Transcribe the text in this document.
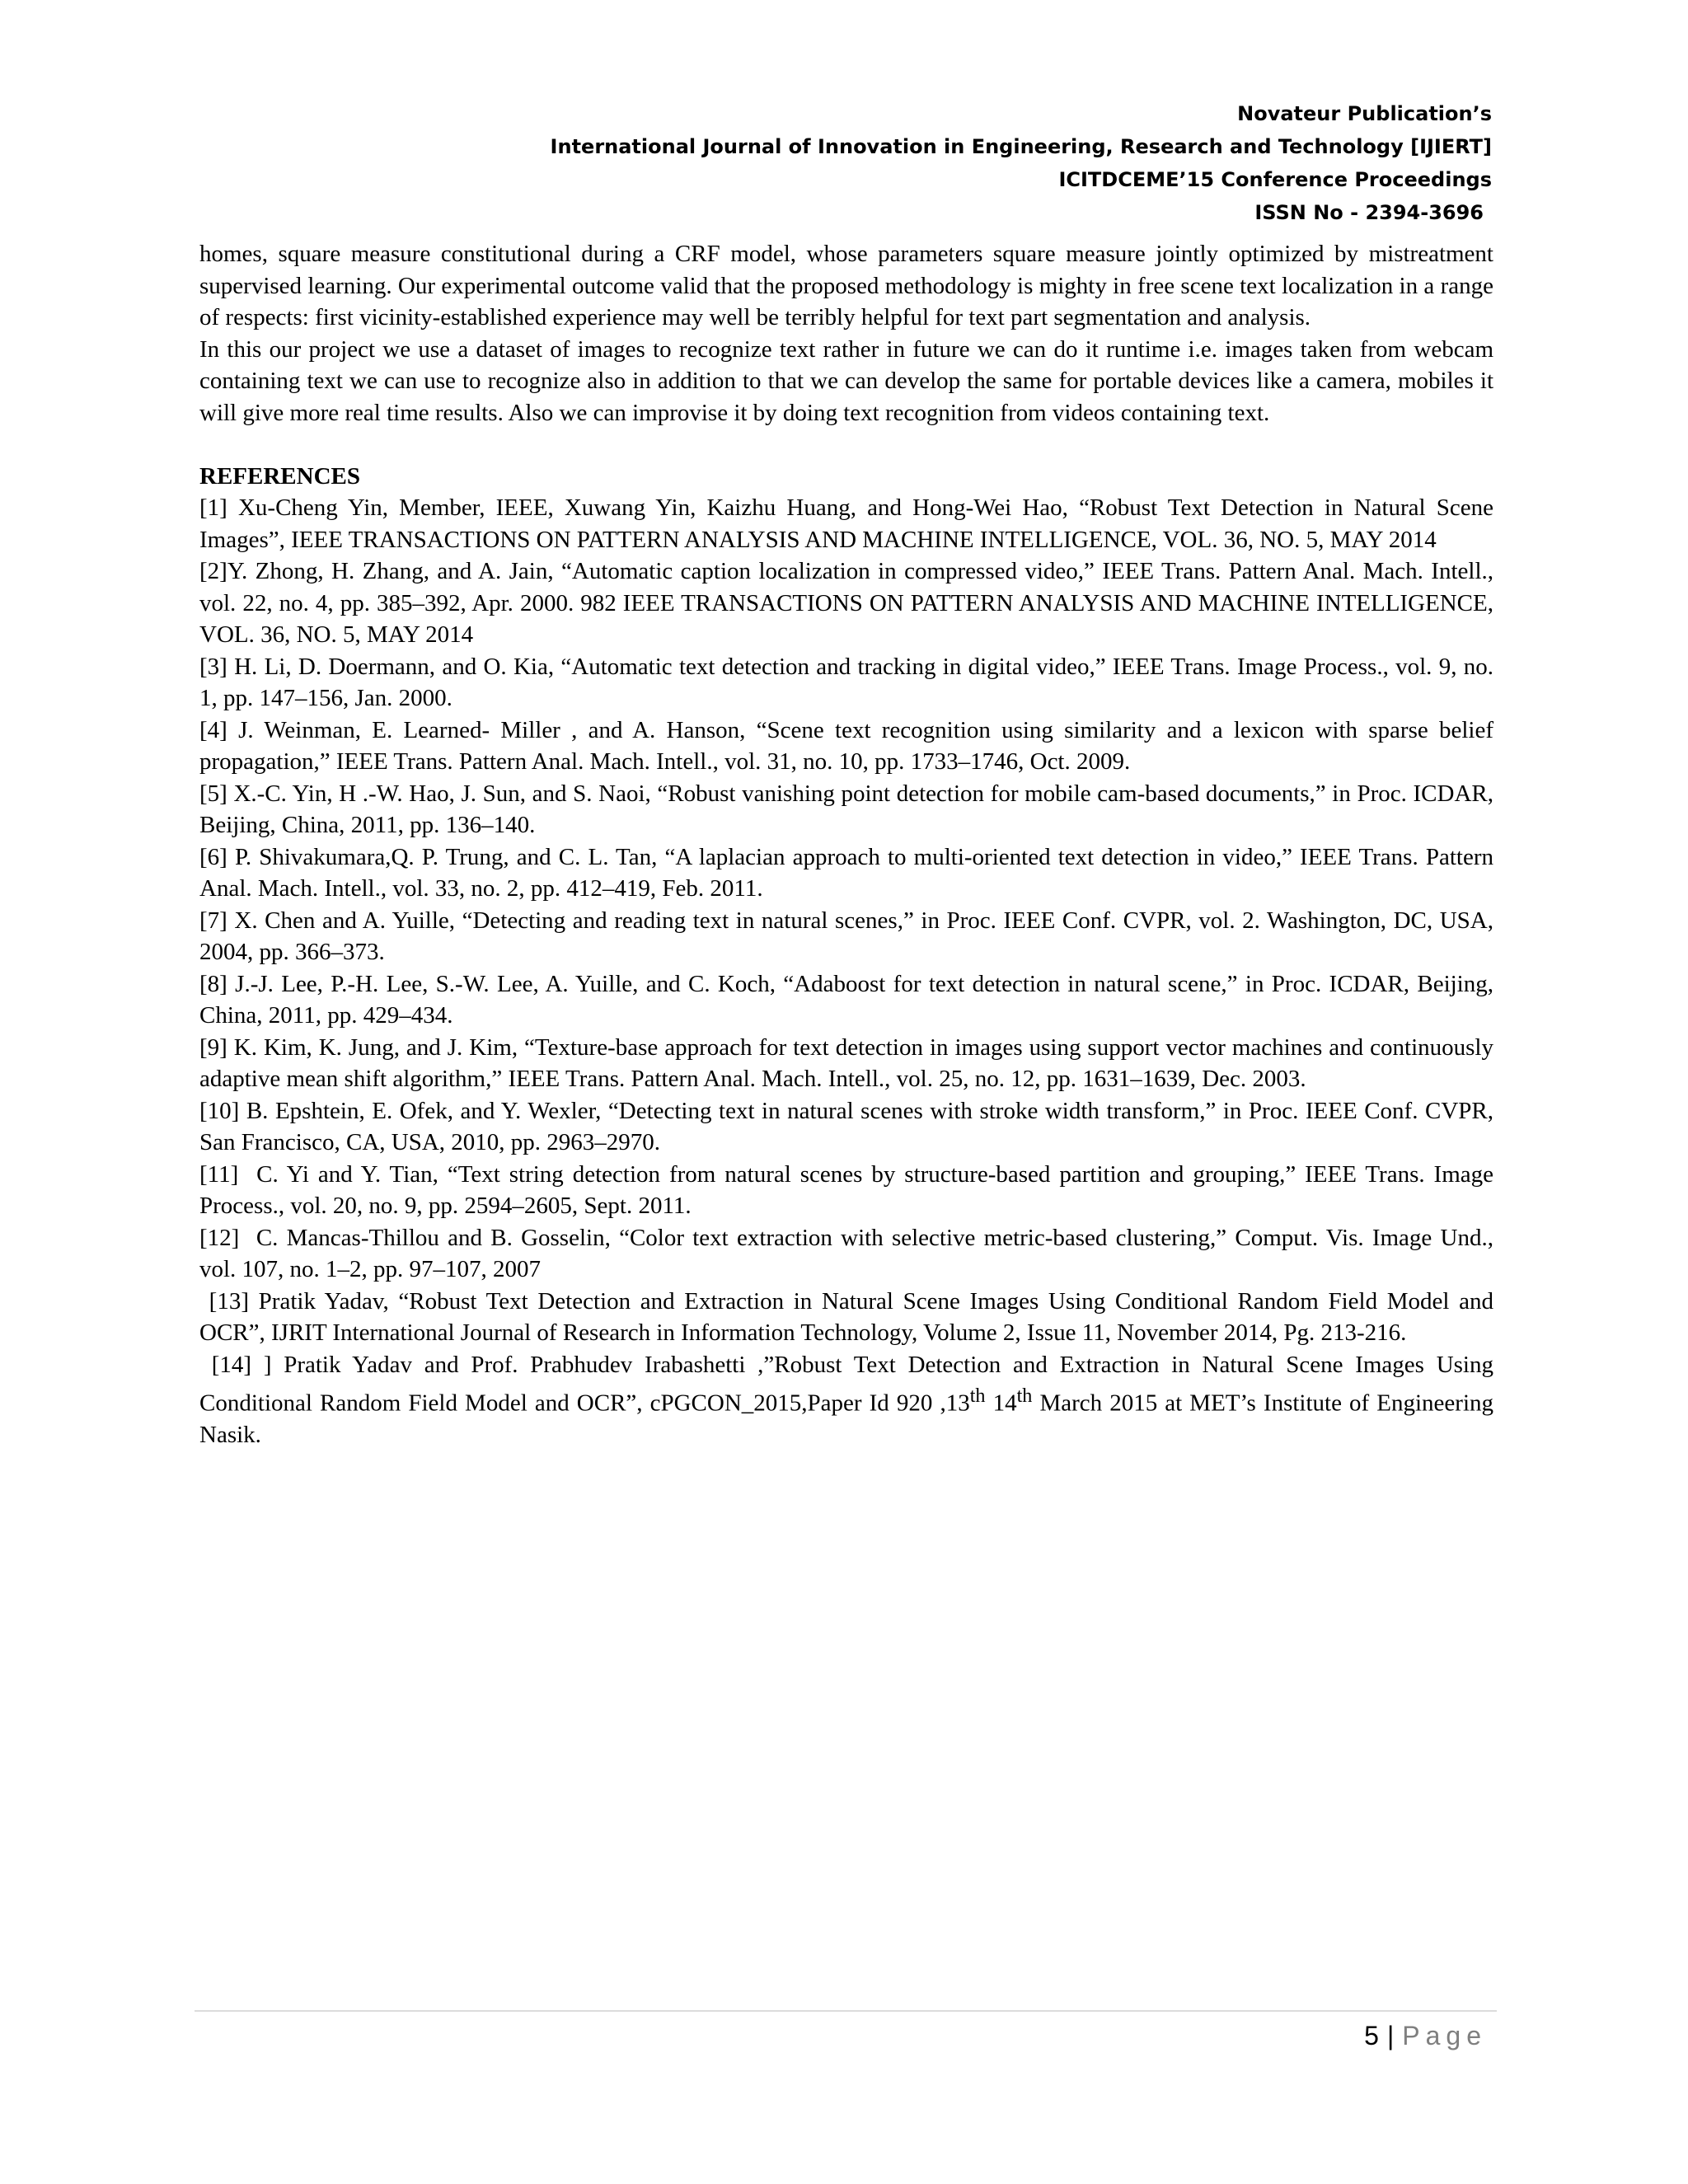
Novateur Publication’s
International Journal of Innovation in Engineering, Research and Technology [IJIERT]
ICITDCEME’15 Conference Proceedings
ISSN No - 2394-3696

homes, square measure constitutional during a CRF model, whose parameters square measure jointly optimized by mistreatment supervised learning. Our experimental outcome valid that the proposed methodology is mighty in free scene text localization in a range of respects: first vicinity-established experience may well be terribly helpful for text part segmentation and analysis.

In this our project we use a dataset of images to recognize text rather in future we can do it runtime i.e. images taken from webcam containing text we can use to recognize also in addition to that we can develop the same for portable devices like a camera, mobiles it will give more real time results. Also we can improvise it by doing text recognition from videos containing text.

REFERENCES

[1] Xu-Cheng Yin, Member, IEEE, Xuwang Yin, Kaizhu Huang, and Hong-Wei Hao, “Robust Text Detection in Natural Scene Images”, IEEE TRANSACTIONS ON PATTERN ANALYSIS AND MACHINE INTELLIGENCE, VOL. 36, NO. 5, MAY 2014

[2]Y. Zhong, H. Zhang, and A. Jain, “Automatic caption localization in compressed video,” IEEE Trans. Pattern Anal. Mach. Intell., vol. 22, no. 4, pp. 385–392, Apr. 2000. 982 IEEE TRANSACTIONS ON PATTERN ANALYSIS AND MACHINE INTELLIGENCE, VOL. 36, NO. 5, MAY 2014

[3] H. Li, D. Doermann, and O. Kia, “Automatic text detection and tracking in digital video,” IEEE Trans. Image Process., vol. 9, no. 1, pp. 147–156, Jan. 2000.

[4] J. Weinman, E. Learned- Miller , and A. Hanson, “Scene text recognition using similarity and a lexicon with sparse belief propagation,” IEEE Trans. Pattern Anal. Mach. Intell., vol. 31, no. 10, pp. 1733–1746, Oct. 2009.

[5] X.-C. Yin, H .-W. Hao, J. Sun, and S. Naoi, “Robust vanishing point detection for mobile cam-based documents,” in Proc. ICDAR, Beijing, China, 2011, pp. 136–140.

[6] P. Shivakumara,Q. P. Trung, and C. L. Tan, “A laplacian approach to multi-oriented text detection in video,” IEEE Trans. Pattern Anal. Mach. Intell., vol. 33, no. 2, pp. 412–419, Feb. 2011.

[7] X. Chen and A. Yuille, “Detecting and reading text in natural scenes,” in Proc. IEEE Conf. CVPR, vol. 2. Washington, DC, USA, 2004, pp. 366–373.

[8] J.-J. Lee, P.-H. Lee, S.-W. Lee, A. Yuille, and C. Koch, “Adaboost for text detection in natural scene,” in Proc. ICDAR, Beijing, China, 2011, pp. 429–434.

[9] K. Kim, K. Jung, and J. Kim, “Texture-base approach for text detection in images using support vector machines and continuously adaptive mean shift algorithm,” IEEE Trans. Pattern Anal. Mach. Intell., vol. 25, no. 12, pp. 1631–1639, Dec. 2003.

[10] B. Epshtein, E. Ofek, and Y. Wexler, “Detecting text in natural scenes with stroke width transform,” in Proc. IEEE Conf. CVPR, San Francisco, CA, USA, 2010, pp. 2963–2970.

[11]  C. Yi and Y. Tian, “Text string detection from natural scenes by structure-based partition and grouping,” IEEE Trans. Image Process., vol. 20, no. 9, pp. 2594–2605, Sept. 2011.

[12]  C. Mancas-Thillou and B. Gosselin, “Color text extraction with selective metric-based clustering,” Comput. Vis. Image Und., vol. 107, no. 1–2, pp. 97–107, 2007

[13] Pratik Yadav, “Robust Text Detection and Extraction in Natural Scene Images Using Conditional Random Field Model and OCR”, IJRIT International Journal of Research in Information Technology, Volume 2, Issue 11, November 2014, Pg. 213-216.

[14] ] Pratik Yadav and Prof. Prabhudev Irabashetti ,”Robust Text Detection and Extraction in Natural Scene Images Using Conditional Random Field Model and OCR”, cPGCON_2015,Paper Id 920 ,13th 14th March 2015 at MET’s Institute of Engineering Nasik.

5 | Page
